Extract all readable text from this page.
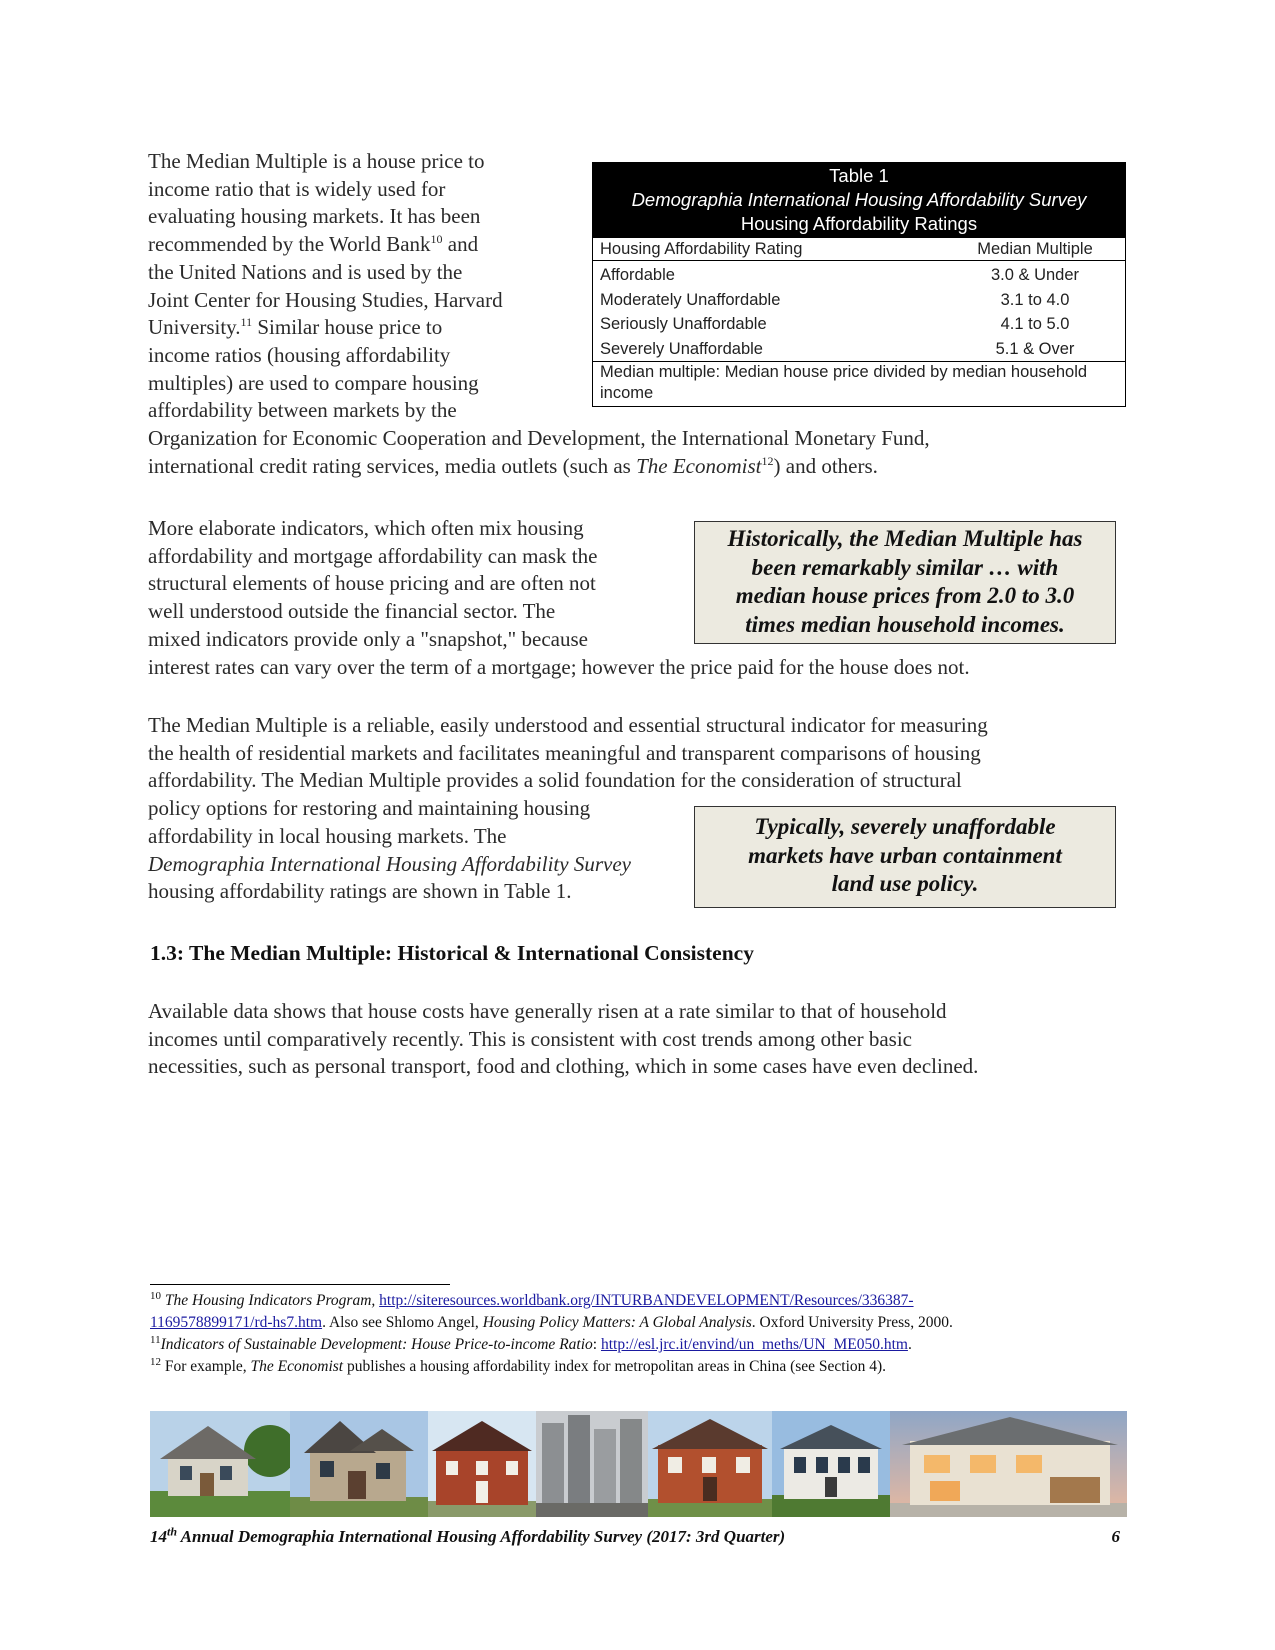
The Median Multiple is a house price to

income ratio that is widely used for

evaluating housing markets. It has been

recommended by the World Bank$^{10}$ and

the United Nations and is used by the

Joint Center for Housing Studies, Harvard

University.$^{11}$ Similar house price to

income ratios (housing affordability

multiples) are used to compare housing

affordability between markets by the

Organization for Economic Cooperation and Development, the International Monetary Fund,

international credit rating services, media outlets (such as The Economist$^{12}$) and others.

Table 1
Demographia International Housing Affordability Survey
Housing Affordability Ratings
Housing Affordability Rating	Median Multiple
Affordable	3.0 & Under
Moderately Unaffordable	3.1 to 4.0
Seriously Unaffordable	4.1 to 5.0
Severely Unaffordable	5.1 & Over
Median multiple: Median house price divided by median household income

More elaborate indicators, which often mix housing

affordability and mortgage affordability can mask the

structural elements of house pricing and are often not

well understood outside the financial sector. The

mixed indicators provide only a "snapshot," because

interest rates can vary over the term of a mortgage; however the price paid for the house does not.

Historically, the Median Multiple has
been remarkably similar … with
median house prices from 2.0 to 3.0
times median household incomes.

The Median Multiple is a reliable, easily understood and essential structural indicator for measuring

the health of residential markets and facilitates meaningful and transparent comparisons of housing

affordability. The Median Multiple provides a solid foundation for the consideration of structural

policy options for restoring and maintaining housing

affordability in local housing markets. The

Demographia International Housing Affordability Survey

housing affordability ratings are shown in Table 1.

Typically, severely unaffordable
markets have urban containment
land use policy.
1.3: The Median Multiple: Historical & International Consistency

Available data shows that house costs have generally risen at a rate similar to that of household

incomes until comparatively recently. This is consistent with cost trends among other basic

necessities, such as personal transport, food and clothing, which in some cases have even declined.

$^{10}$ The Housing Indicators Program, http://siteresources.worldbank.org/INTURBANDEVELOPMENT/Resources/336387-
1169578899171/rd-hs7.htm. Also see Shlomo Angel, Housing Policy Matters: A Global Analysis. Oxford University Press, 2000.
$^{11}$Indicators of Sustainable Development: House Price-to-income Ratio: http://esl.jrc.it/envind/un_meths/UN_ME050.htm.
$^{12}$ For example, The Economist publishes a housing affordability index for metropolitan areas in China (see Section 4).
14th Annual Demographia International Housing Affordability Survey (2017: 3rd Quarter)	6
